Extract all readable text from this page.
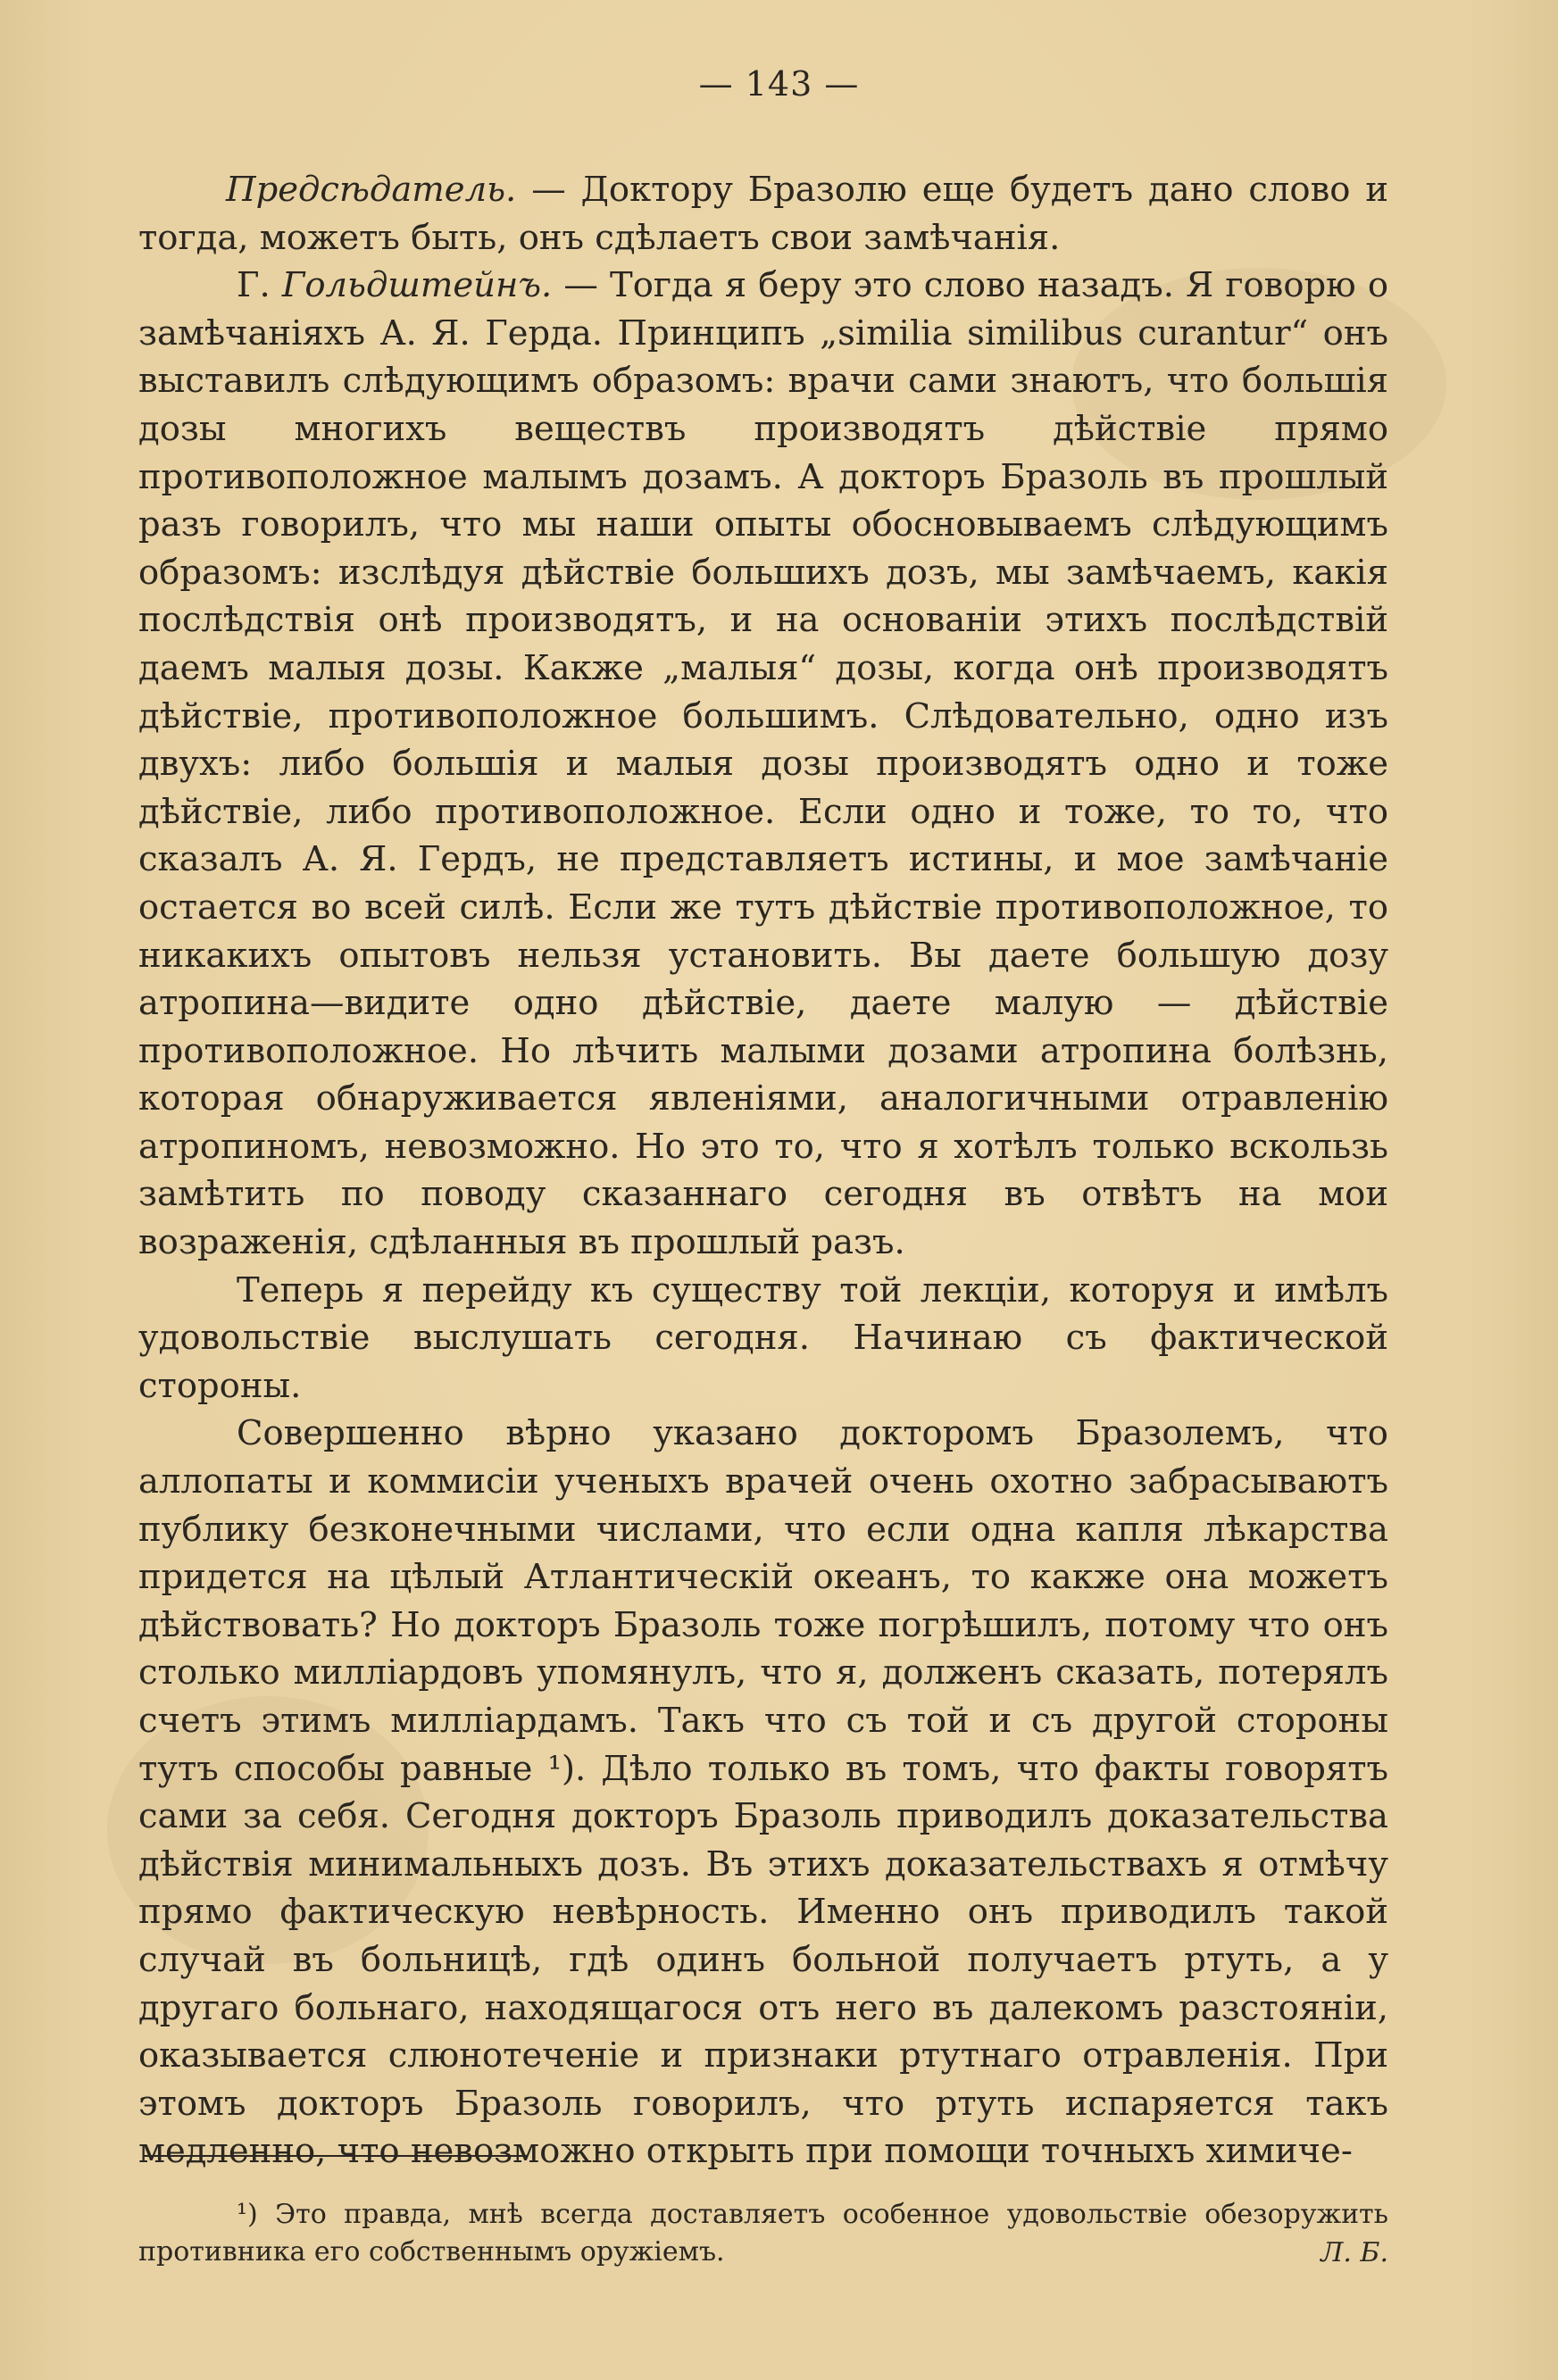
— 143 —

Предсѣдатель. — Доктору Бразолю еще будетъ дано слово и тогда, можетъ быть, онъ сдѣлаетъ свои замѣчанія.

Г. Гольдштейнъ. — Тогда я беру это слово назадъ. Я говорю о замѣчаніяхъ А. Я. Герда. Принципъ „similia similibus curantur“ онъ выставилъ слѣдующимъ образомъ: врачи сами знаютъ, что большія дозы многихъ веществъ производятъ дѣйствіе прямо противоположное малымъ дозамъ. А докторъ Бразоль въ прошлый разъ говорилъ, что мы наши опыты обосновываемъ слѣдующимъ образомъ: изслѣдуя дѣйствіе большихъ дозъ, мы замѣчаемъ, какія послѣдствія онѣ производятъ, и на основаніи этихъ послѣдствій даемъ малыя дозы. Какже „малыя“ дозы, когда онѣ производятъ дѣйствіе, противоположное большимъ. Слѣдовательно, одно изъ двухъ: либо большія и малыя дозы производятъ одно и тоже дѣйствіе, либо противоположное. Если одно и тоже, то то, что сказалъ А. Я. Гердъ, не представляетъ истины, и мое замѣчаніе остается во всей силѣ. Если же тутъ дѣйствіе противоположное, то никакихъ опытовъ нельзя установить. Вы даете большую дозу атропина—видите одно дѣйствіе, даете малую — дѣйствіе противоположное. Но лѣчить малыми дозами атропина болѣзнь, которая обнаруживается явленіями, аналогичными отравленію атропиномъ, невозможно. Но это то, что я хотѣлъ только вскользь замѣтить по поводу сказаннаго сегодня въ отвѣтъ на мои возраженія, сдѣланныя въ прошлый разъ.

Теперь я перейду къ существу той лекціи, которуя и имѣлъ удовольствіе выслушать сегодня. Начинаю съ фактической стороны.

Совершенно вѣрно указано докторомъ Бразолемъ, что аллопаты и коммисіи ученыхъ врачей очень охотно забрасываютъ публику безконечными числами, что если одна капля лѣкарства придется на цѣлый Атлантическій океанъ, то какже она можетъ дѣйствовать? Но докторъ Бразоль тоже погрѣшилъ, потому что онъ столько милліардовъ упомянулъ, что я, долженъ сказать, потерялъ счетъ этимъ милліардамъ. Такъ что съ той и съ другой стороны тутъ способы равные ¹). Дѣло только въ томъ, что факты говорятъ сами за себя. Сегодня докторъ Бразоль приводилъ доказательства дѣйствія минимальныхъ дозъ. Въ этихъ доказательствахъ я отмѣчу прямо фактическую невѣрность. Именно онъ приводилъ такой случай въ больницѣ, гдѣ одинъ больной получаетъ ртуть, а у другаго больнаго, находящагося отъ него въ далекомъ разстояніи, оказывается слюнотеченіе и признаки ртутнаго отравленія. При этомъ докторъ Бразоль говорилъ, что ртуть испаряется такъ медленно, что невозможно открыть при помощи точныхъ химиче-

¹) Это правда, мнѣ всегда доставляетъ особенное удовольствіе обезоружить противника его собственнымъ оружіемъ.	Л. Б.
